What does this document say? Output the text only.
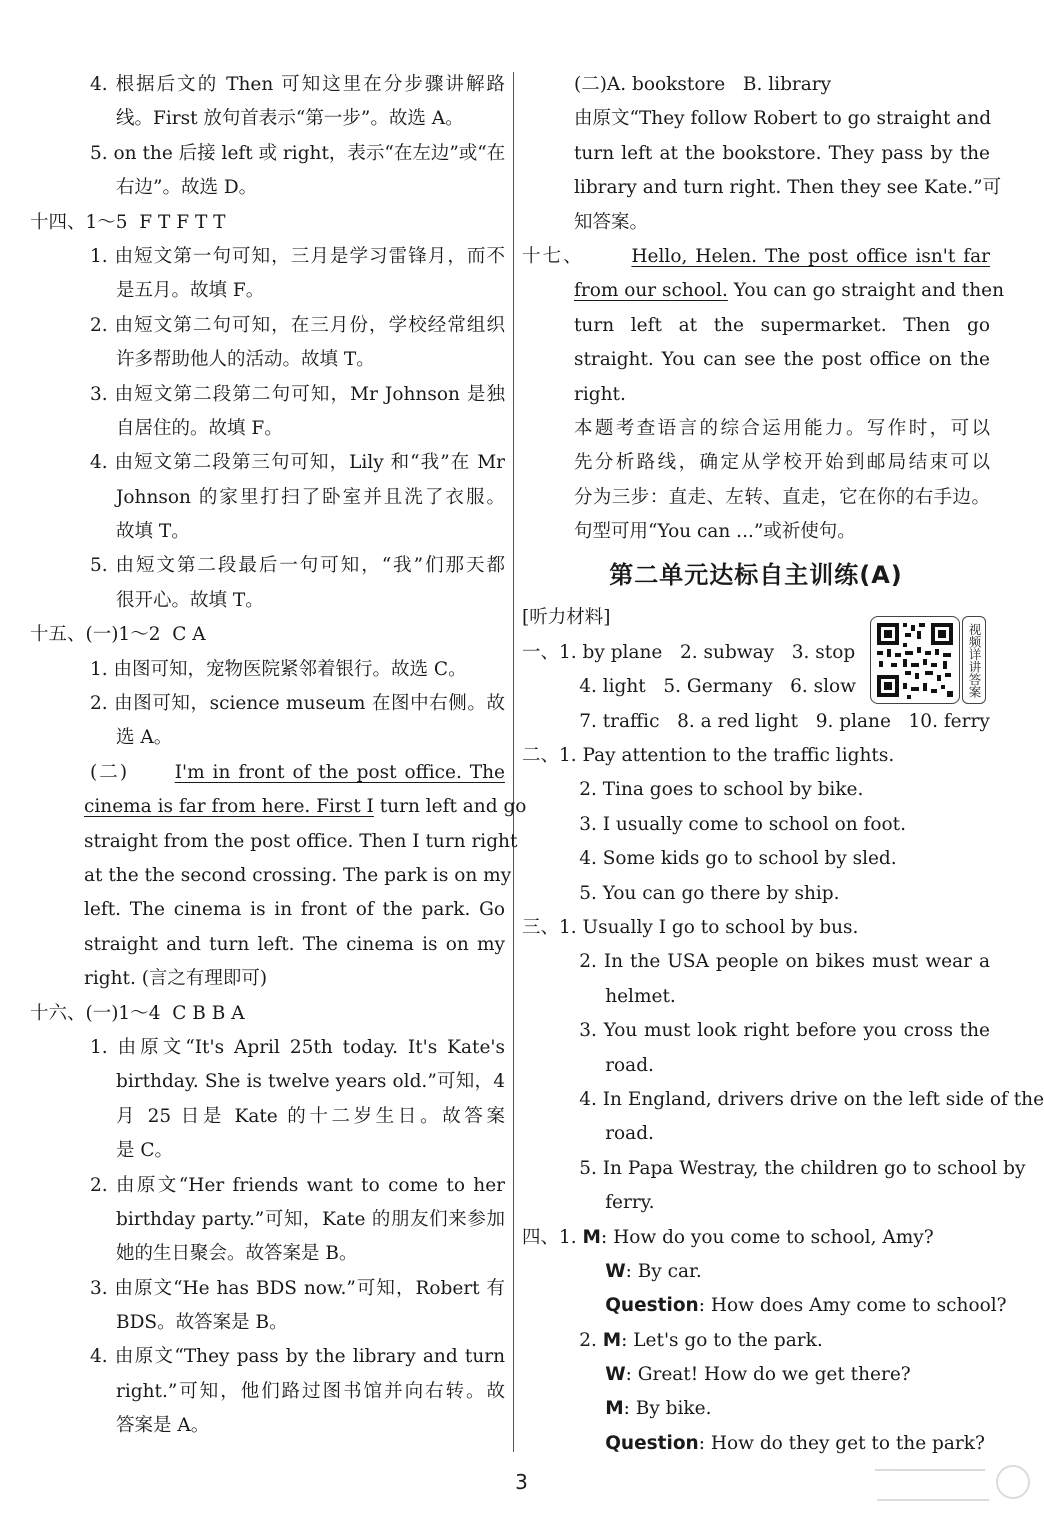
4. 根据后文的 Then 可知这里在分步骤讲解路
线。First 放句首表示“第一步”。故选 A。
5. on the 后接 left 或 right，表示“在左边”或“在
右边”。故选 D。
十四、1～5  F T F T T
1. 由短文第一句可知，三月是学习雷锋月，而不
是五月。故填 F。
2. 由短文第二句可知，在三月份，学校经常组织
许多帮助他人的活动。故填 T。
3. 由短文第二段第二句可知，Mr Johnson 是独
自居住的。故填 F。
4. 由短文第二段第三句可知，Lily 和“我”在 Mr
Johnson 的家里打扫了卧室并且洗了衣服。
故填 T。
5. 由短文第二段最后一句可知，“我”们那天都
很开心。故填 T。
十五、(一)1～2  C A
1. 由图可知，宠物医院紧邻着银行。故选 C。
2. 由图可知，science museum 在图中右侧。故
选 A。
(二)      I'm in front of the post office. The
cinema is far from here. First I turn left and go
straight from the post office. Then I turn right
at the the second crossing. The park is on my
left. The cinema is in front of the park. Go
straight and turn left. The cinema is on my
right. (言之有理即可)
十六、(一)1～4  C B B A
1. 由原文“It's April 25th today. It's Kate's
birthday. She is twelve years old.”可知，4
月 25 日是 Kate 的十二岁生日。故答案
是 C。
2. 由原文“Her friends want to come to her
birthday party.”可知，Kate 的朋友们来参加
她的生日聚会。故答案是 B。
3. 由原文“He has BDS now.”可知，Robert 有
BDS。故答案是 B。
4. 由原文“They pass by the library and turn
right.”可知，他们路过图书馆并向右转。故
答案是 A。
(二)A. bookstore   B. library
由原文“They follow Robert to go straight and
turn left at the bookstore. They pass by the
library and turn right. Then they see Kate.”可
知答案。
十七、      Hello, Helen. The post office isn't far
from our school. You can go straight and then
turn left at the supermarket. Then go
straight. You can see the post office on the
right.
本题考查语言的综合运用能力。写作时，可以
先分析路线，确定从学校开始到邮局结束可以
分为三步：直走、左转、直走，它在你的右手边。
句型可用“You can ...”或祈使句。
第二单元达标自主训练(A)
[听力材料]
一、1. by plane   2. subway   3. stop
4. light   5. Germany   6. slow
7. traffic   8. a red light   9. plane   10. ferry
二、1. Pay attention to the traffic lights.
2. Tina goes to school by bike.
3. I usually come to school on foot.
4. Some kids go to school by sled.
5. You can go there by ship.
三、1. Usually I go to school by bus.
2. In the USA people on bikes must wear a
helmet.
3. You must look right before you cross the
road.
4. In England, drivers drive on the left side of the
road.
5. In Papa Westray, the children go to school by
ferry.
四、1. M: How do you come to school, Amy?
W: By car.
Question: How does Amy come to school?
2. M: Let's go to the park.
W: Great! How do we get there?
M: By bike.
Question: How do they get to the park?
视频详讲答案
3
